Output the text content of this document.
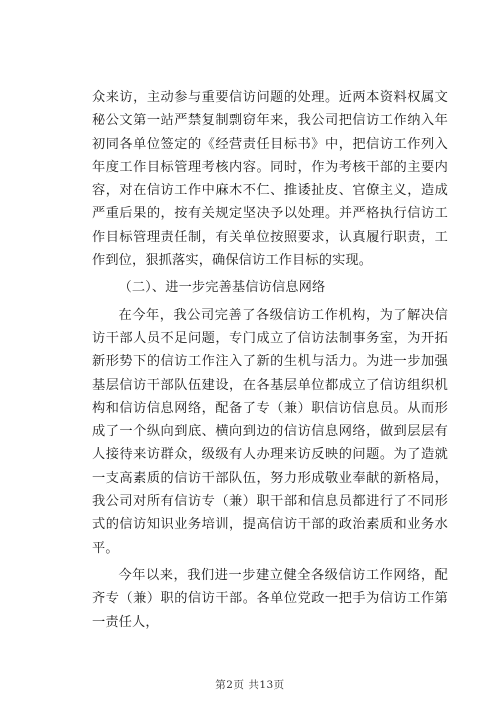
众来访，主动参与重要信访问题的处理。近两本资料权属文秘公文第一站严禁复制剽窃年来，我公司把信访工作纳入年初同各单位签定的《经营责任目标书》中，把信访工作列入年度工作目标管理考核内容。同时，作为考核干部的主要内容，对在信访工作中麻木不仁、推诿扯皮、官僚主义，造成严重后果的，按有关规定坚决予以处理。并严格执行信访工作目标管理责任制，有关单位按照要求，认真履行职责，工作到位，狠抓落实，确保信访工作目标的实现。

（二）、进一步完善基信访信息网络

在今年，我公司完善了各级信访工作机构，为了解决信访干部人员不足问题，专门成立了信访法制事务室，为开拓新形势下的信访工作注入了新的生机与活力。为进一步加强基层信访干部队伍建设，在各基层单位都成立了信访组织机构和信访信息网络，配备了专（兼）职信访信息员。从而形成了一个纵向到底、横向到边的信访信息网络，做到层层有人接待来访群众，级级有人办理来访反映的问题。为了造就一支高素质的信访干部队伍，努力形成敬业奉献的新格局，我公司对所有信访专（兼）职干部和信息员都进行了不同形式的信访知识业务培训，提高信访干部的政治素质和业务水平。

今年以来，我们进一步建立健全各级信访工作网络，配齐专（兼）职的信访干部。各单位党政一把手为信访工作第一责任人，

第2页 共13页
